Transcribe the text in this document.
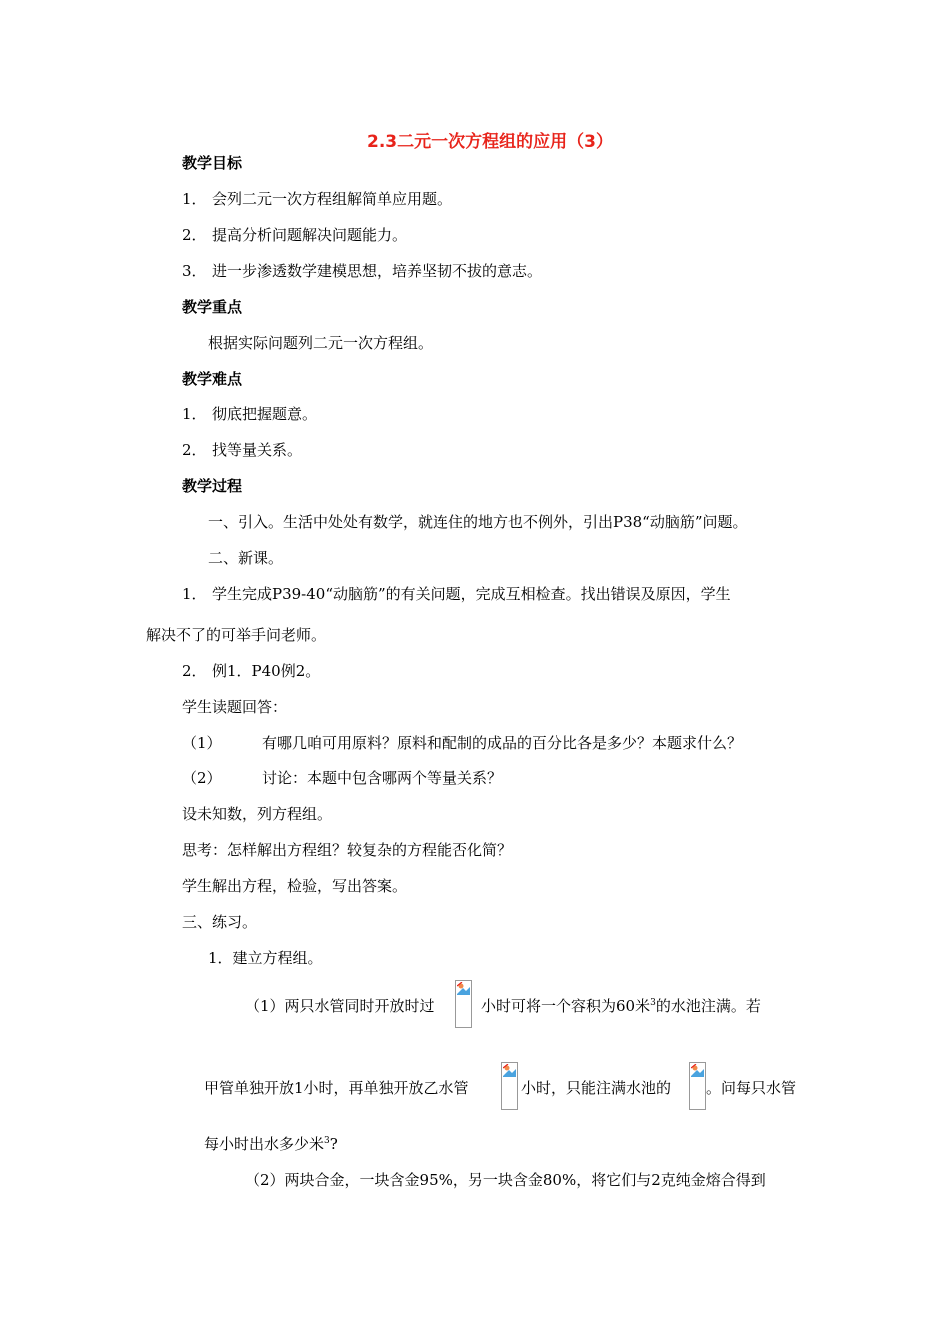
2.3二元一次方程组的应用（3）
教学目标
1． 会列二元一次方程组解简单应用题。
2． 提高分析问题解决问题能力。
3． 进一步渗透数学建模思想，培养坚韧不拔的意志。
教学重点
根据实际问题列二元一次方程组。
教学难点
1． 彻底把握题意。
2． 找等量关系。
教学过程
一、引入。生活中处处有数学，就连住的地方也不例外，引出P38“动脑筋”问题。
二、新课。
1． 学生完成P39-40“动脑筋”的有关问题，完成互相检查。找出错误及原因，学生
解决不了的可举手问老师。
2． 例1．P40例2。
学生读题回答：
（1）	有哪几咱可用原料？原料和配制的成品的百分比各是多少？本题求什么？
（2）	讨论：本题中包含哪两个等量关系？
设未知数，列方程组。
思考：怎样解出方程组？较复杂的方程能否化简？
学生解出方程，检验，写出答案。
三、练习。
1．建立方程组。
（1）两只水管同时开放时过	小时可将一个容积为60米$^3$的水池注满。若
甲管单独开放1小时，再单独开放乙水管	小时，只能注满水池的 。问每只水管
每小时出水多少米$^3$?
（2）两块合金，一块含金95%，另一块含金80%，将它们与2克纯金熔合得到
